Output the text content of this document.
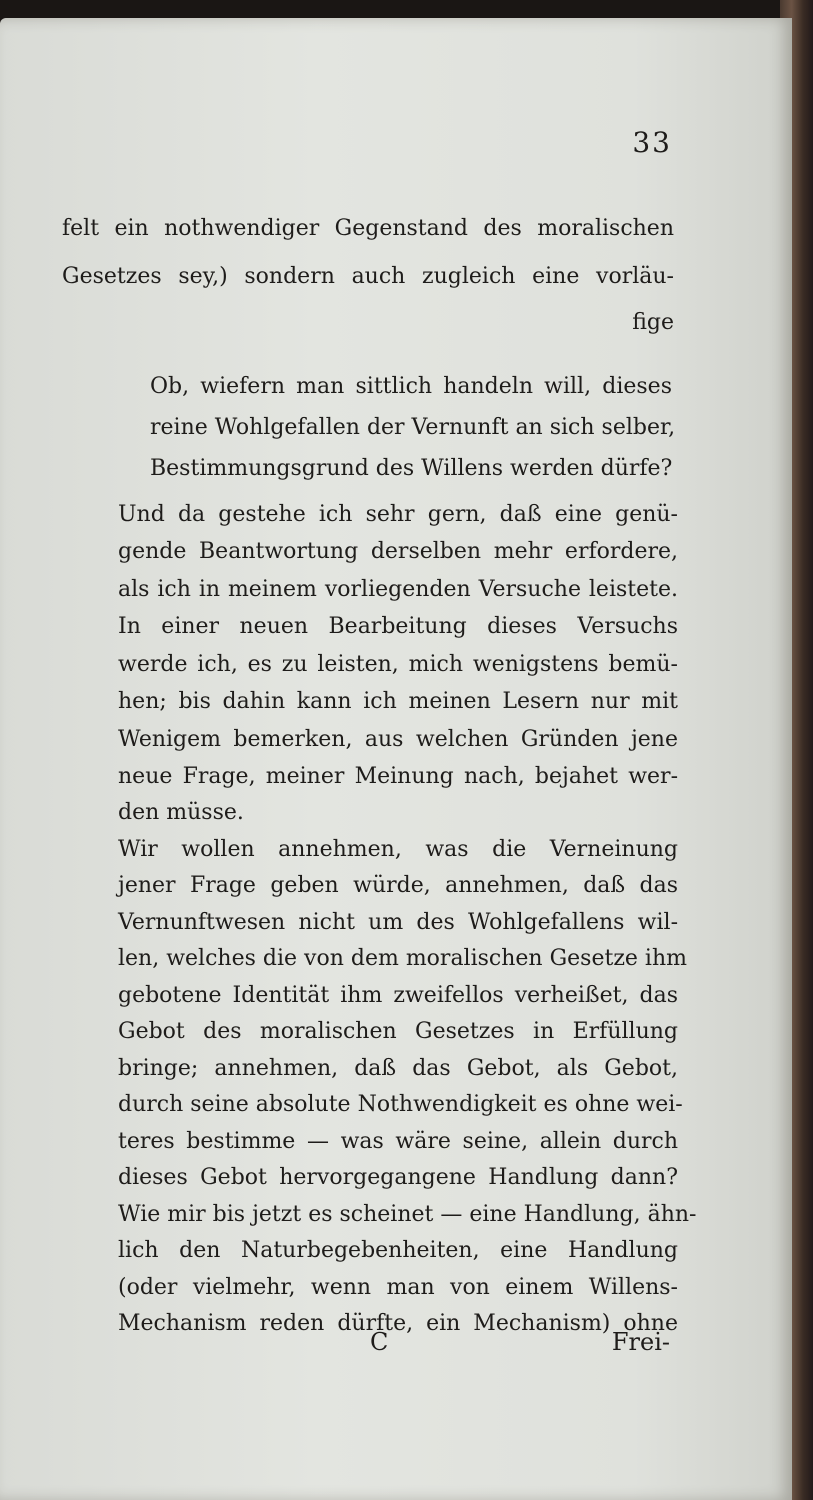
33
felt ein nothwendiger Gegenstand des moralischen
Gesetzes sey,) sondern auch zugleich eine vorläu-
fige
Ob, wiefern man sittlich handeln will, dieses
reine Wohlgefallen der Vernunft an sich selber,
Bestimmungsgrund des Willens werden dürfe?
Und da gestehe ich sehr gern, daß eine genü-
gende Beantwortung derselben mehr erfordere,
als ich in meinem vorliegenden Versuche leistete.
In einer neuen Bearbeitung dieses Versuchs
werde ich, es zu leisten, mich wenigstens bemü-
hen; bis dahin kann ich meinen Lesern nur mit
Wenigem bemerken, aus welchen Gründen jene
neue Frage, meiner Meinung nach, bejahet wer-
den müsse.
Wir wollen annehmen, was die Verneinung
jener Frage geben würde, annehmen, daß das
Vernunftwesen nicht um des Wohlgefallens wil-
len, welches die von dem moralischen Gesetze ihm
gebotene Identität ihm zweifellos verheißet, das
Gebot des moralischen Gesetzes in Erfüllung
bringe; annehmen, daß das Gebot, als Gebot,
durch seine absolute Nothwendigkeit es ohne wei-
teres bestimme — was wäre seine, allein durch
dieses Gebot hervorgegangene Handlung dann?
Wie mir bis jetzt es scheinet — eine Handlung, ähn-
lich den Naturbegebenheiten, eine Handlung
(oder vielmehr, wenn man von einem Willens-
Mechanism reden dürfte, ein Mechanism) ohne
C	Frei-
